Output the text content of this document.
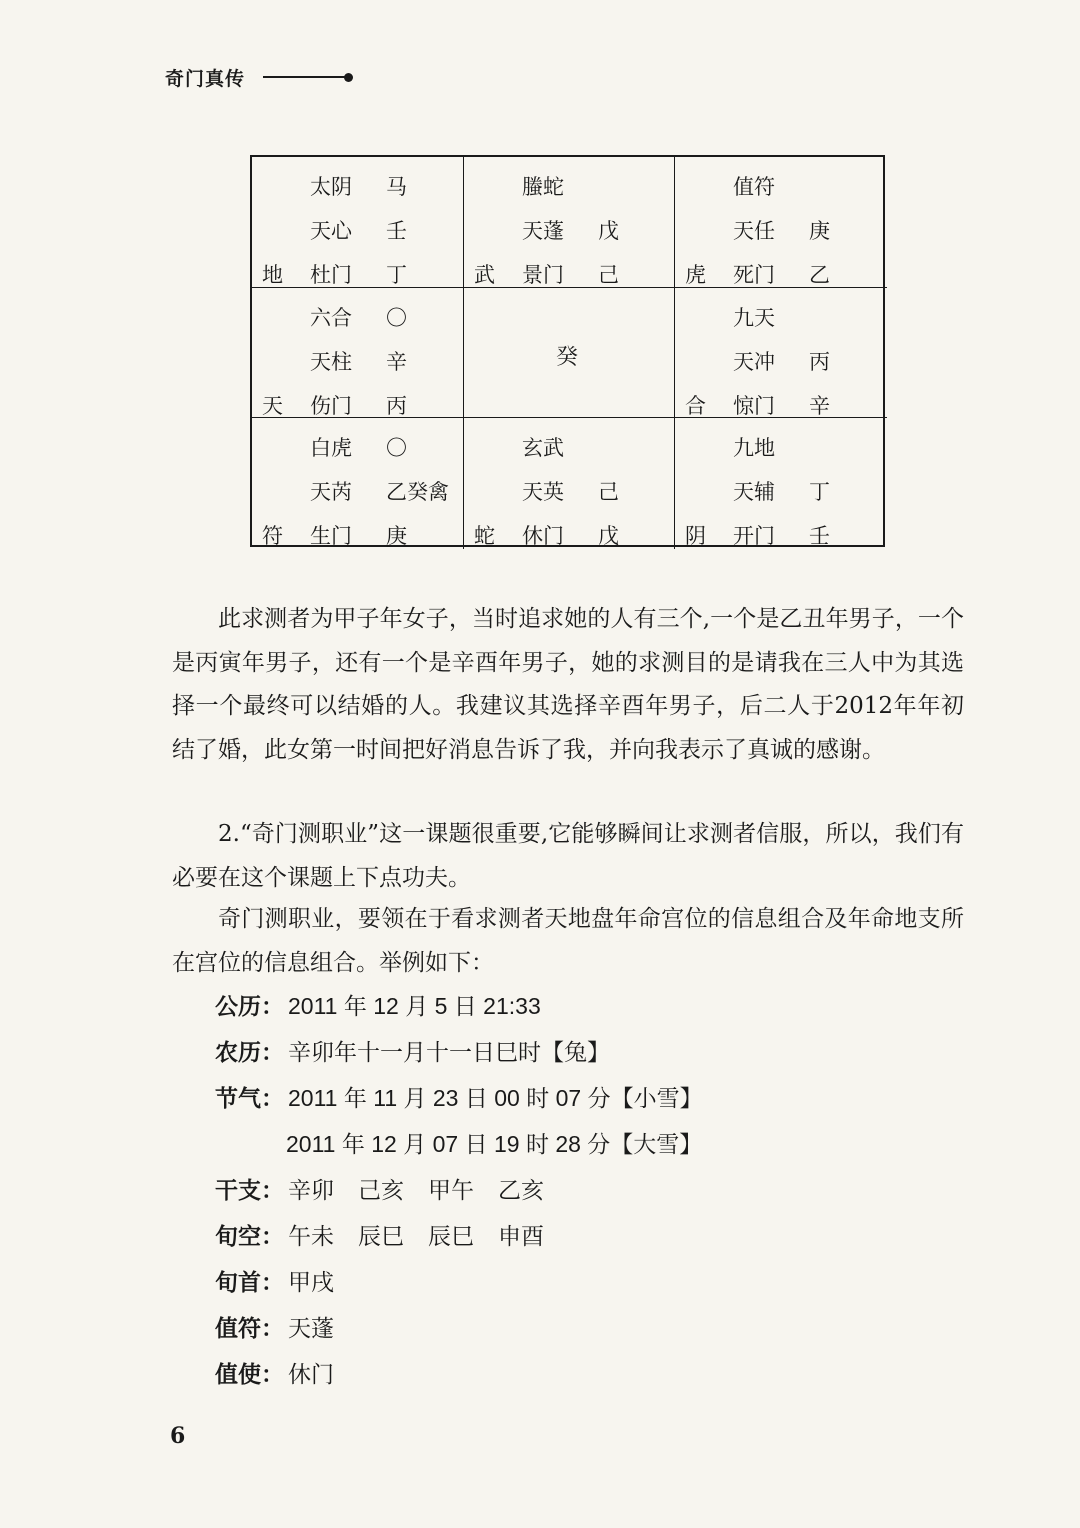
奇门真传
太阴 马
天心 壬
地 杜门 丁
螣蛇
天蓬 戊
武 景门 己
值符
天任 庚
虎 死门 乙
六合 〇
天柱 辛
天 伤门 丙
癸
九天
天冲 丙
合 惊门 辛
白虎 〇
天芮 乙癸禽
符 生门 庚
玄武
天英 己
蛇 休门 戊
九地
天辅 丁
阴 开门 壬
此求测者为甲子年女子，当时追求她的人有三个,一个是乙丑年男子，一个是丙寅年男子，还有一个是辛酉年男子，她的求测目的是请我在三人中为其选择一个最终可以结婚的人。我建议其选择辛酉年男子，后二人于2012年年初结了婚，此女第一时间把好消息告诉了我，并向我表示了真诚的感谢。
2.“奇门测职业”这一课题很重要,它能够瞬间让求测者信服，所以，我们有必要在这个课题上下点功夫。
奇门测职业，要领在于看求测者天地盘年命宫位的信息组合及年命地支所在宫位的信息组合。举例如下：
公历： 2011 年 12 月 5 日 21:33
农历： 辛卯年十一月十一日巳时【兔】
节气： 2011 年 11 月 23 日 00 时 07 分【小雪】
2011 年 12 月 07 日 19 时 28 分【大雪】
干支： 辛卯 己亥 甲午 乙亥
旬空： 午未 辰巳 辰巳 申酉
旬首： 甲戌
值符： 天蓬
值使： 休门
6
